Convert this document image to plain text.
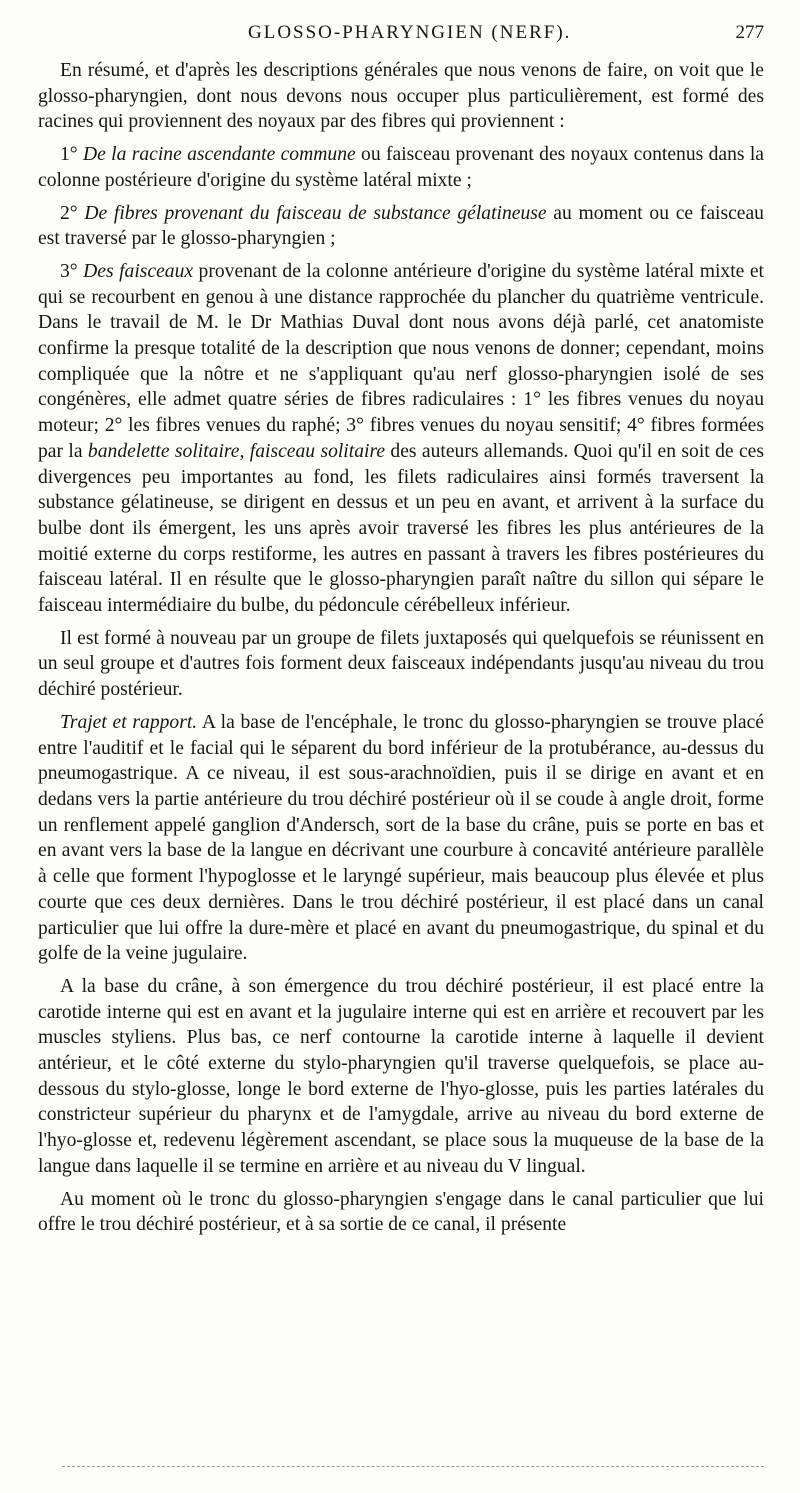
GLOSSO-PHARYNGIEN (NERF).	277

En résumé, et d'après les descriptions générales que nous venons de faire, on voit que le glosso-pharyngien, dont nous devons nous occuper plus particulièrement, est formé des racines qui proviennent des noyaux par des fibres qui proviennent :

1° De la racine ascendante commune ou faisceau provenant des noyaux contenus dans la colonne postérieure d'origine du système latéral mixte ;

2° De fibres provenant du faisceau de substance gélatineuse au moment ou ce faisceau est traversé par le glosso-pharyngien ;

3° Des faisceaux provenant de la colonne antérieure d'origine du système latéral mixte et qui se recourbent en genou à une distance rapprochée du plancher du quatrième ventricule. Dans le travail de M. le Dr Mathias Duval dont nous avons déjà parlé, cet anatomiste confirme la presque totalité de la description que nous venons de donner; cependant, moins compliquée que la nôtre et ne s'appliquant qu'au nerf glosso-pharyngien isolé de ses congénères, elle admet quatre séries de fibres radiculaires : 1° les fibres venues du noyau moteur; 2° les fibres venues du raphé; 3° fibres venues du noyau sensitif; 4° fibres formées par la bandelette solitaire, faisceau solitaire des auteurs allemands. Quoi qu'il en soit de ces divergences peu importantes au fond, les filets radiculaires ainsi formés traversent la substance gélatineuse, se dirigent en dessus et un peu en avant, et arrivent à la surface du bulbe dont ils émergent, les uns après avoir traversé les fibres les plus antérieures de la moitié externe du corps restiforme, les autres en passant à travers les fibres postérieures du faisceau latéral. Il en résulte que le glosso-pharyngien paraît naître du sillon qui sépare le faisceau intermédiaire du bulbe, du pédoncule cérébelleux inférieur.

Il est formé à nouveau par un groupe de filets juxtaposés qui quelquefois se réunissent en un seul groupe et d'autres fois forment deux faisceaux indépendants jusqu'au niveau du trou déchiré postérieur.

Trajet et rapport. A la base de l'encéphale, le tronc du glosso-pharyngien se trouve placé entre l'auditif et le facial qui le séparent du bord inférieur de la protubérance, au-dessus du pneumogastrique. A ce niveau, il est sous-arachnoïdien, puis il se dirige en avant et en dedans vers la partie antérieure du trou déchiré postérieur où il se coude à angle droit, forme un renflement appelé ganglion d'Andersch, sort de la base du crâne, puis se porte en bas et en avant vers la base de la langue en décrivant une courbure à concavité antérieure parallèle à celle que forment l'hypoglosse et le laryngé supérieur, mais beaucoup plus élevée et plus courte que ces deux dernières. Dans le trou déchiré postérieur, il est placé dans un canal particulier que lui offre la dure-mère et placé en avant du pneumogastrique, du spinal et du golfe de la veine jugulaire.

A la base du crâne, à son émergence du trou déchiré postérieur, il est placé entre la carotide interne qui est en avant et la jugulaire interne qui est en arrière et recouvert par les muscles styliens. Plus bas, ce nerf contourne la carotide interne à laquelle il devient antérieur, et le côté externe du stylo-pharyngien qu'il traverse quelquefois, se place au-dessous du stylo-glosse, longe le bord externe de l'hyo-glosse, puis les parties latérales du constricteur supérieur du pharynx et de l'amygdale, arrive au niveau du bord externe de l'hyo-glosse et, redevenu légèrement ascendant, se place sous la muqueuse de la base de la langue dans laquelle il se termine en arrière et au niveau du V lingual.

Au moment où le tronc du glosso-pharyngien s'engage dans le canal particulier que lui offre le trou déchiré postérieur, et à sa sortie de ce canal, il présente
